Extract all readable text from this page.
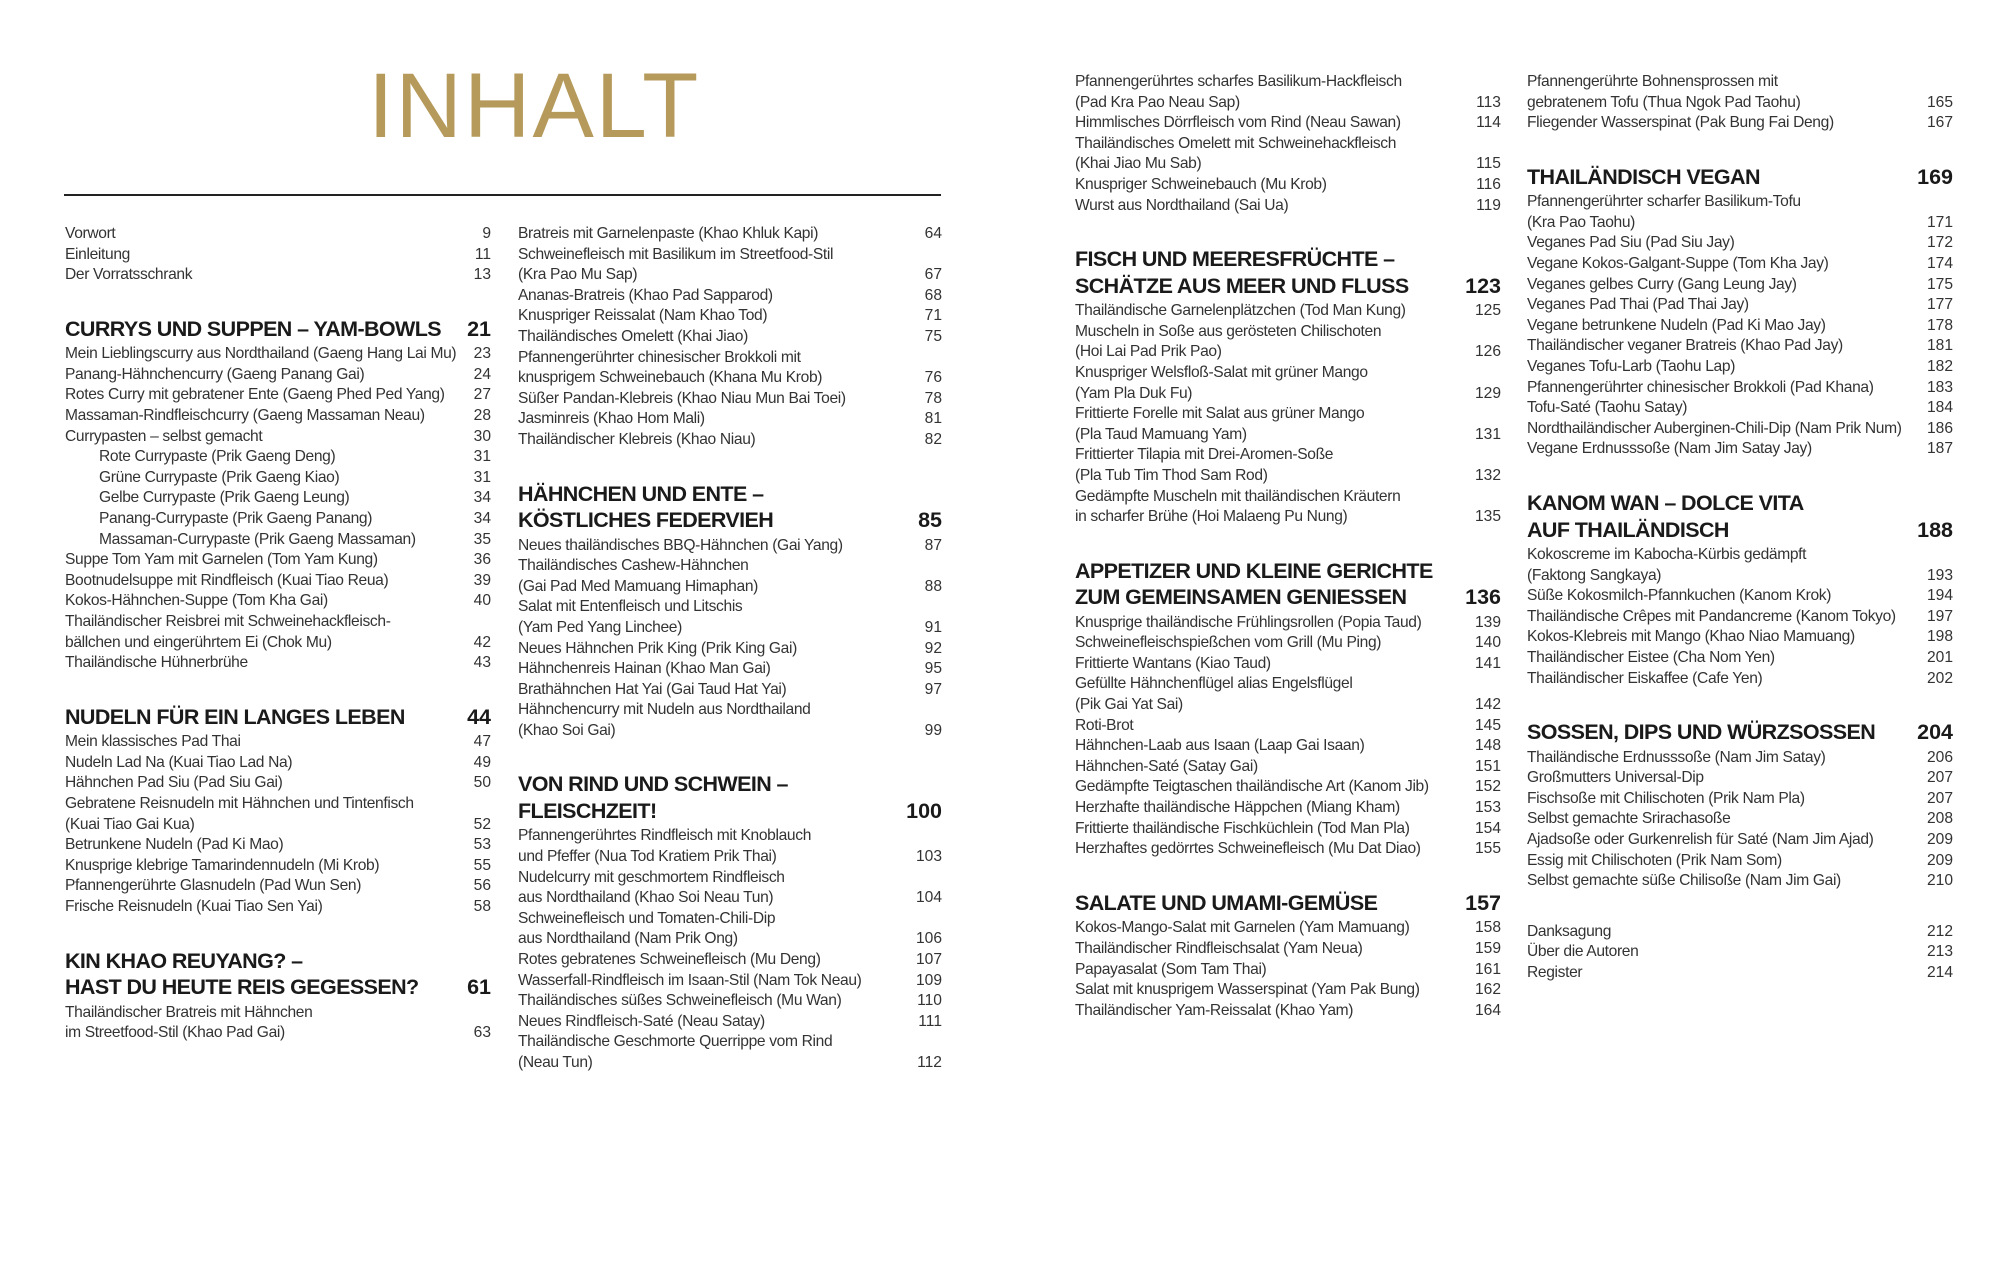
INHALT
Vorwort	9
Einleitung	11
Der Vorratsschrank	13
CURRYS UND SUPPEN – YAM-BOWLS	21
Mein Lieblingscurry aus Nordthailand (Gaeng Hang Lai Mu)	23
Panang-Hähnchencurry (Gaeng Panang Gai)	24
Rotes Curry mit gebratener Ente (Gaeng Phed Ped Yang)	27
Massaman-Rindfleischcurry (Gaeng Massaman Neau)	28
Currypasten – selbst gemacht	30
Rote Currypaste (Prik Gaeng Deng)	31
Grüne Currypaste (Prik Gaeng Kiao)	31
Gelbe Currypaste (Prik Gaeng Leung)	34
Panang-Currypaste (Prik Gaeng Panang)	34
Massaman-Currypaste (Prik Gaeng Massaman)	35
Suppe Tom Yam mit Garnelen (Tom Yam Kung)	36
Bootnudelsuppe mit Rindfleisch (Kuai Tiao Reua)	39
Kokos-Hähnchen-Suppe (Tom Kha Gai)	40
Thailändischer Reisbrei mit Schweinehackfleisch-
bällchen und eingerührtem Ei (Chok Mu)	42
Thailändische Hühnerbrühe	43
NUDELN FÜR EIN LANGES LEBEN	44
Mein klassisches Pad Thai	47
Nudeln Lad Na (Kuai Tiao Lad Na)	49
Hähnchen Pad Siu (Pad Siu Gai)	50
Gebratene Reisnudeln mit Hähnchen und Tintenfisch
(Kuai Tiao Gai Kua)	52
Betrunkene Nudeln (Pad Ki Mao)	53
Knusprige klebrige Tamarindennudeln (Mi Krob)	55
Pfannengerührte Glasnudeln (Pad Wun Sen)	56
Frische Reisnudeln (Kuai Tiao Sen Yai)	58
KIN KHAO REUYANG? –
HAST DU HEUTE REIS GEGESSEN?	61
Thailändischer Bratreis mit Hähnchen
im Streetfood-Stil (Khao Pad Gai)	63
Bratreis mit Garnelenpaste (Khao Khluk Kapi)	64
Schweinefleisch mit Basilikum im Streetfood-Stil
(Kra Pao Mu Sap)	67
Ananas-Bratreis (Khao Pad Sapparod)	68
Knuspriger Reissalat (Nam Khao Tod)	71
Thailändisches Omelett (Khai Jiao)	75
Pfannengerührter chinesischer Brokkoli mit
knusprigem Schweinebauch (Khana Mu Krob)	76
Süßer Pandan-Klebreis (Khao Niau Mun Bai Toei)	78
Jasminreis (Khao Hom Mali)	81
Thailändischer Klebreis (Khao Niau)	82
HÄHNCHEN UND ENTE –
KÖSTLICHES FEDERVIEH	85
Neues thailändisches BBQ-Hähnchen (Gai Yang)	87
Thailändisches Cashew-Hähnchen
(Gai Pad Med Mamuang Himaphan)	88
Salat mit Entenfleisch und Litschis
(Yam Ped Yang Linchee)	91
Neues Hähnchen Prik King (Prik King Gai)	92
Hähnchenreis Hainan (Khao Man Gai)	95
Brathähnchen Hat Yai (Gai Taud Hat Yai)	97
Hähnchencurry mit Nudeln aus Nordthailand
(Khao Soi Gai)	99
VON RIND UND SCHWEIN –
FLEISCHZEIT!	100
Pfannengerührtes Rindfleisch mit Knoblauch
und Pfeffer (Nua Tod Kratiem Prik Thai)	103
Nudelcurry mit geschmortem Rindfleisch
aus Nordthailand (Khao Soi Neau Tun)	104
Schweinefleisch und Tomaten-Chili-Dip
aus Nordthailand (Nam Prik Ong)	106
Rotes gebratenes Schweinefleisch (Mu Deng)	107
Wasserfall-Rindfleisch im Isaan-Stil (Nam Tok Neau)	109
Thailändisches süßes Schweinefleisch (Mu Wan)	110
Neues Rindfleisch-Saté (Neau Satay)	111
Thailändische Geschmorte Querrippe vom Rind
(Neau Tun)	112
Pfannengerührtes scharfes Basilikum-Hackfleisch
(Pad Kra Pao Neau Sap)	113
Himmlisches Dörrfleisch vom Rind (Neau Sawan)	114
Thailändisches Omelett mit Schweinehackfleisch
(Khai Jiao Mu Sab)	115
Knuspriger Schweinebauch (Mu Krob)	116
Wurst aus Nordthailand (Sai Ua)	119
FISCH UND MEERESFRÜCHTE –
SCHÄTZE AUS MEER UND FLUSS	123
Thailändische Garnelenplätzchen (Tod Man Kung)	125
Muscheln in Soße aus gerösteten Chilischoten
(Hoi Lai Pad Prik Pao)	126
Knuspriger Welsfloß-Salat mit grüner Mango
(Yam Pla Duk Fu)	129
Frittierte Forelle mit Salat aus grüner Mango
(Pla Taud Mamuang Yam)	131
Frittierter Tilapia mit Drei-Aromen-Soße
(Pla Tub Tim Thod Sam Rod)	132
Gedämpfte Muscheln mit thailändischen Kräutern
in scharfer Brühe (Hoi Malaeng Pu Nung)	135
APPETIZER UND KLEINE GERICHTE
ZUM GEMEINSAMEN GENIESSEN	136
Knusprige thailändische Frühlingsrollen (Popia Taud)	139
Schweinefleischspießchen vom Grill (Mu Ping)	140
Frittierte Wantans (Kiao Taud)	141
Gefüllte Hähnchenflügel alias Engelsflügel
(Pik Gai Yat Sai)	142
Roti-Brot	145
Hähnchen-Laab aus Isaan (Laap Gai Isaan)	148
Hähnchen-Saté (Satay Gai)	151
Gedämpfte Teigtaschen thailändische Art (Kanom Jib)	152
Herzhafte thailändische Häppchen (Miang Kham)	153
Frittierte thailändische Fischküchlein (Tod Man Pla)	154
Herzhaftes gedörrtes Schweinefleisch (Mu Dat Diao)	155
SALATE UND UMAMI-GEMÜSE	157
Kokos-Mango-Salat mit Garnelen (Yam Mamuang)	158
Thailändischer Rindfleischsalat (Yam Neua)	159
Papayasalat (Som Tam Thai)	161
Salat mit knusprigem Wasserspinat (Yam Pak Bung)	162
Thailändischer Yam-Reissalat (Khao Yam)	164
Pfannengerührte Bohnensprossen mit
gebratenem Tofu (Thua Ngok Pad Taohu)	165
Fliegender Wasserspinat (Pak Bung Fai Deng)	167
THAILÄNDISCH VEGAN	169
Pfannengerührter scharfer Basilikum-Tofu
(Kra Pao Taohu)	171
Veganes Pad Siu (Pad Siu Jay)	172
Vegane Kokos-Galgant-Suppe (Tom Kha Jay)	174
Veganes gelbes Curry (Gang Leung Jay)	175
Veganes Pad Thai (Pad Thai Jay)	177
Vegane betrunkene Nudeln (Pad Ki Mao Jay)	178
Thailändischer veganer Bratreis (Khao Pad Jay)	181
Veganes Tofu-Larb (Taohu Lap)	182
Pfannengerührter chinesischer Brokkoli (Pad Khana)	183
Tofu-Saté (Taohu Satay)	184
Nordthailändischer Auberginen-Chili-Dip (Nam Prik Num)	186
Vegane Erdnusssoße (Nam Jim Satay Jay)	187
KANOM WAN – DOLCE VITA
AUF THAILÄNDISCH	188
Kokoscreme im Kabocha-Kürbis gedämpft
(Faktong Sangkaya)	193
Süße Kokosmilch-Pfannkuchen (Kanom Krok)	194
Thailändische Crêpes mit Pandancreme (Kanom Tokyo)	197
Kokos-Klebreis mit Mango (Khao Niao Mamuang)	198
Thailändischer Eistee (Cha Nom Yen)	201
Thailändischer Eiskaffee (Cafe Yen)	202
SOSSEN, DIPS UND WÜRZSOSSEN	204
Thailändische Erdnusssoße (Nam Jim Satay)	206
Großmutters Universal-Dip	207
Fischsoße mit Chilischoten (Prik Nam Pla)	207
Selbst gemachte Srirachasoße	208
Ajadsoße oder Gurkenrelish für Saté (Nam Jim Ajad)	209
Essig mit Chilischoten (Prik Nam Som)	209
Selbst gemachte süße Chilisoße (Nam Jim Gai)	210
Danksagung	212
Über die Autoren	213
Register	214
